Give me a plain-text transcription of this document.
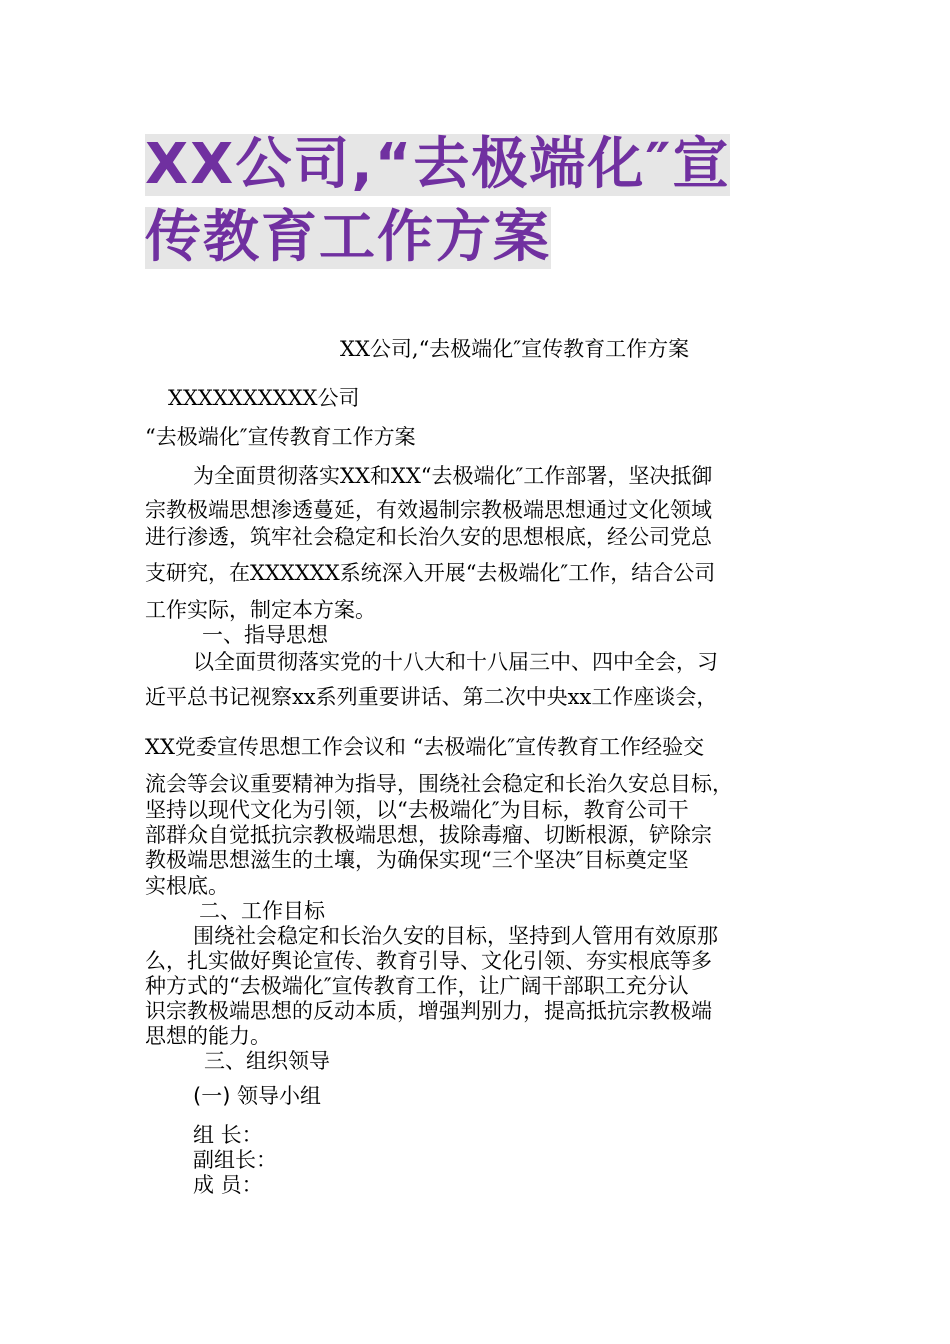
XX公司,“去极端化″宣
传教育工作方案
XX公司,“去极端化″宣传教育工作方案
XXXXXXXXXX公司
“去极端化″宣传教育工作方案
为全面贯彻落实XX和XX“去极端化″工作部署，坚决抵御
宗教极端思想渗透蔓延，有效遏制宗教极端思想通过文化领域
进行渗透，筑牢社会稳定和长治久安的思想根底，经公司党总
支研究，在XXXXXX系统深入开展“去极端化″工作，结合公司
工作实际，制定本方案。
一、指导思想
以全面贯彻落实党的十八大和十八届三中、四中全会，习
近平总书记视察xx系列重要讲话、第二次中央xx工作座谈会，
XX党委宣传思想工作会议和 “去极端化″宣传教育工作经验交
流会等会议重要精神为指导，围绕社会稳定和长治久安总目标，
坚持以现代文化为引领，以“去极端化″为目标，教育公司干
部群众自觉抵抗宗教极端思想，拔除毒瘤、切断根源，铲除宗
教极端思想滋生的土壤，为确保实现“三个坚决″目标奠定坚
实根底。
二、工作目标
围绕社会稳定和长治久安的目标，坚持到人管用有效原那
么，扎实做好舆论宣传、教育引导、文化引领、夯实根底等多
种方式的“去极端化″宣传教育工作，让广阔干部职工充分认
识宗教极端思想的反动本质，增强判别力，提高抵抗宗教极端
思想的能力。
三、组织领导
(一) 领导小组
组 长：
副组长：
成 员：
